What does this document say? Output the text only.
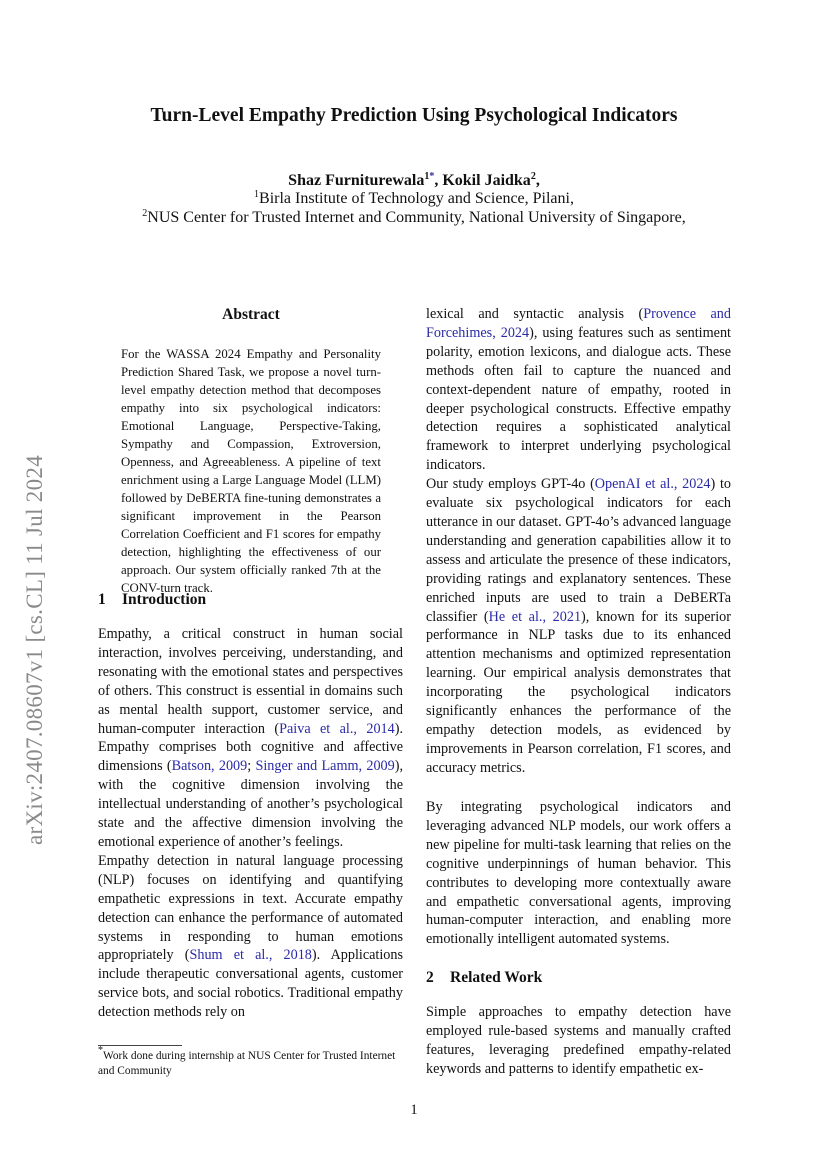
arXiv:2407.08607v1 [cs.CL] 11 Jul 2024
Turn-Level Empathy Prediction Using Psychological Indicators
Shaz Furniturewala$^{1*}$, Kokil Jaidka$^2$,
$^1$Birla Institute of Technology and Science, Pilani,
$^2$NUS Center for Trusted Internet and Community, National University of Singapore,
Abstract
For the WASSA 2024 Empathy and Personality Prediction Shared Task, we propose a novel turn-level empathy detection method that decomposes empathy into six psychological indicators: Emotional Language, Perspective-Taking, Sympathy and Compassion, Extroversion, Openness, and Agreeableness. A pipeline of text enrichment using a Large Language Model (LLM) followed by DeBERTA fine-tuning demonstrates a significant improvement in the Pearson Correlation Coefficient and F1 scores for empathy detection, highlighting the effectiveness of our approach. Our system officially ranked 7th at the CONV-turn track.
1 Introduction

Empathy, a critical construct in human social interaction, involves perceiving, understanding, and resonating with the emotional states and perspectives of others. This construct is essential in domains such as mental health support, customer service, and human-computer interaction (Paiva et al., 2014). Empathy comprises both cognitive and affective dimensions (Batson, 2009; Singer and Lamm, 2009), with the cognitive dimension involving the intellectual understanding of another’s psychological state and the affective dimension involving the emotional experience of another’s feelings.

Empathy detection in natural language processing (NLP) focuses on identifying and quantifying empathetic expressions in text. Accurate empathy detection can enhance the performance of automated systems in responding to human emotions appropriately (Shum et al., 2018). Applications include therapeutic conversational agents, customer service bots, and social robotics. Traditional empathy detection methods rely on

*Work done during internship at NUS Center for Trusted Internet and Community

lexical and syntactic analysis (Provence and Forcehimes, 2024), using features such as sentiment polarity, emotion lexicons, and dialogue acts. These methods often fail to capture the nuanced and context-dependent nature of empathy, rooted in deeper psychological constructs. Effective empathy detection requires a sophisticated analytical framework to interpret underlying psychological indicators.

Our study employs GPT-4o (OpenAI et al., 2024) to evaluate six psychological indicators for each utterance in our dataset. GPT-4o’s advanced language understanding and generation capabilities allow it to assess and articulate the presence of these indicators, providing ratings and explanatory sentences. These enriched inputs are used to train a DeBERTa classifier (He et al., 2021), known for its superior performance in NLP tasks due to its enhanced attention mechanisms and optimized representation learning. Our empirical analysis demonstrates that incorporating the psychological indicators significantly enhances the performance of the empathy detection models, as evidenced by improvements in Pearson correlation, F1 scores, and accuracy metrics.

By integrating psychological indicators and leveraging advanced NLP models, our work offers a new pipeline for multi-task learning that relies on the cognitive underpinnings of human behavior. This contributes to developing more contextually aware and empathetic conversational agents, improving human-computer interaction, and enabling more emotionally intelligent automated systems.
2 Related Work
Simple approaches to empathy detection have employed rule-based systems and manually crafted features, leveraging predefined empathy-related keywords and patterns to identify empathetic ex-
1
